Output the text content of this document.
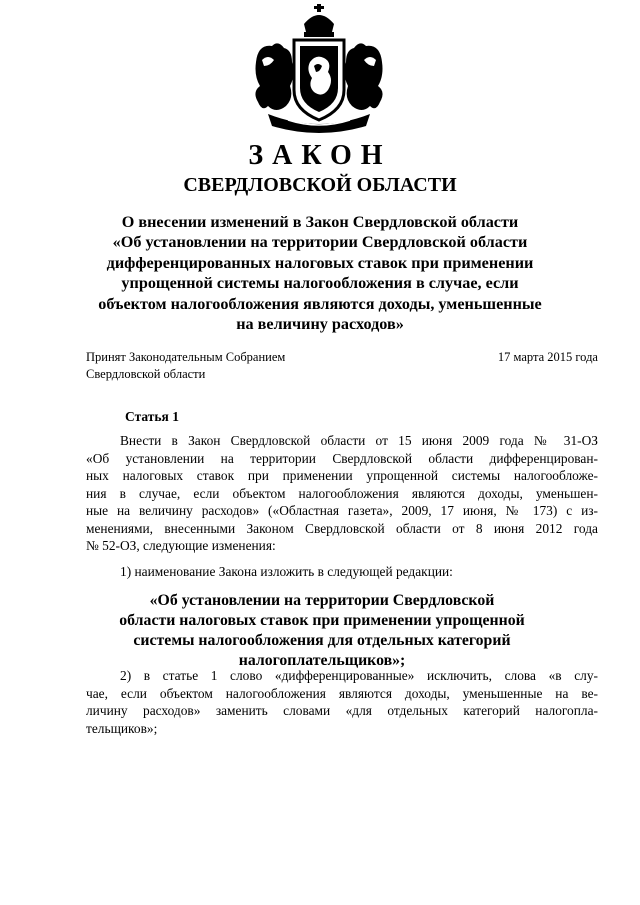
ЗАКОН
СВЕРДЛОВСКОЙ ОБЛАСТИ
О внесении изменений в Закон Свердловской области
«Об установлении на территории Свердловской области
дифференцированных налоговых ставок при применении
упрощенной системы налогообложения в случае, если
объектом налогообложения являются доходы, уменьшенные
на величину расходов»
Принят Законодательным Собранием
Свердловской области
17 марта 2015 года
Статья 1
Внести в Закон Свердловской области от 15 июня 2009 года № 31-ОЗ
«Об установлении на территории Свердловской области дифференцирован-
ных налоговых ставок при применении упрощенной системы налогообложе-
ния в случае, если объектом налогообложения являются доходы, уменьшен-
ные на величину расходов» («Областная газета», 2009, 17 июня, № 173) с из-
менениями, внесенными Законом Свердловской области от 8 июня 2012 года
№ 52-ОЗ, следующие изменения:
1) наименование Закона изложить в следующей редакции:
«Об установлении на территории Свердловской
области налоговых ставок при применении упрощенной
системы налогообложения для отдельных категорий
налогоплательщиков»;
2) в статье 1 слово «дифференцированные» исключить, слова «в слу-
чае, если объектом налогообложения являются доходы, уменьшенные на ве-
личину расходов» заменить словами «для отдельных категорий налогопла-
тельщиков»;
